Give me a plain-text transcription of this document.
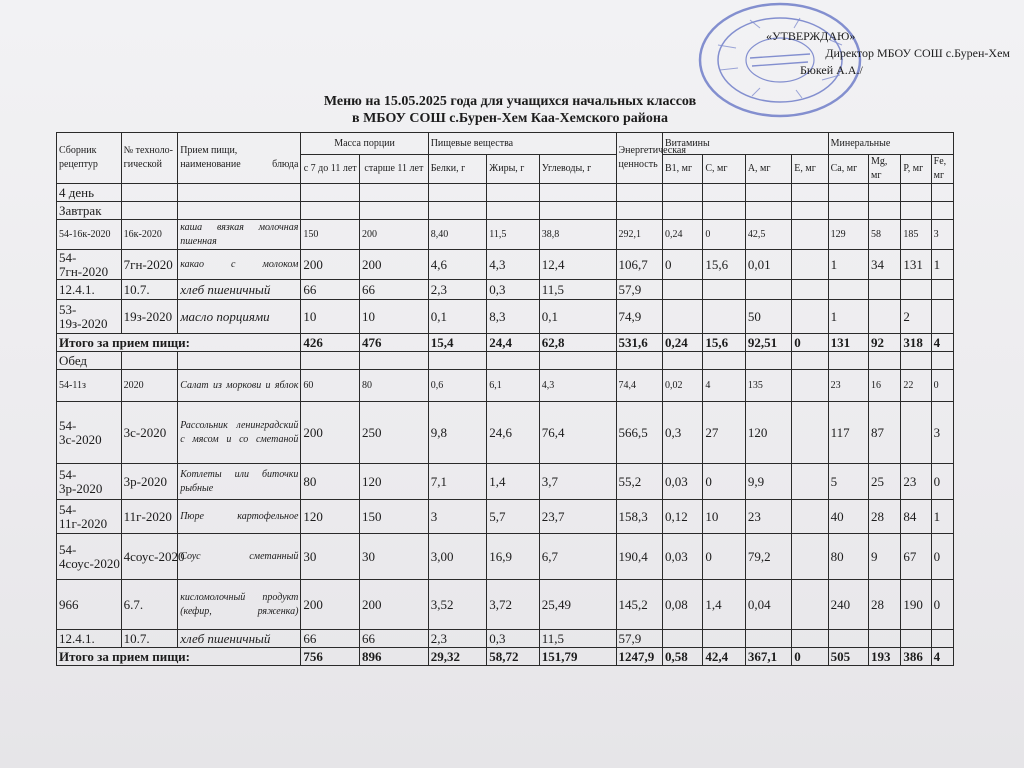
«УТВЕРЖДАЮ»
Директор МБОУ СОШ с.Бурен-Хем
Бюкей А.А./
Меню на 15.05.2025 года для учащихся начальных классов
в МБОУ СОШ с.Бурен-Хем Каа-Хемского района
Сборник рецептур	№ техноло- гической	Прием пищи, наименование блюда	Масса порции		Пищевые вещества			Энергетическая ценность	Витамины				Минеральные			
			с 7 до 11 лет	старше 11 лет	Белки, г	Жиры, г	Углеводы, г		B1, мг	C, мг	A, мг	E, мг	Ca, мг	Mg, мг	P, мг	Fe, мг
4 день																
Завтрак																
54-16к-2020	16к-2020	каша вязкая молочная пшенная	150	200	8,40	11,5	38,8	292,1	0,24	0	42,5		129	58	185	3
54-7гн-2020	7гн-2020	какао с молоком	200	200	4,6	4,3	12,4	106,7	0	15,6	0,01		1	34	131	1
12.4.1.	10.7.	хлеб пшеничный	66	66	2,3	0,3	11,5	57,9								
53-19з-2020	19з-2020	масло порциями	10	10	0,1	8,3	0,1	74,9			50		1		2	
Итого за прием пищи:			426	476	15,4	24,4	62,8	531,6	0,24	15,6	92,51	0	131	92	318	4
Обед																
54-11з	2020	Салат из моркови и яблок	60	80	0,6	6,1	4,3	74,4	0,02	4	135		23	16	22	0
54-3с-2020	3с-2020	Рассольник ленинградский с мясом и со сметаной	200	250	9,8	24,6	76,4	566,5	0,3	27	120		117	87		3
54-3р-2020	3р-2020	Котлеты или биточки рыбные	80	120	7,1	1,4	3,7	55,2	0,03	0	9,9		5	25	23	0
54-11г-2020	11г-2020	Пюре картофельное	120	150	3	5,7	23,7	158,3	0,12	10	23		40	28	84	1
54-4соус-2020	4соус-2020	Соус сметанный	30	30	3,00	16,9	6,7	190,4	0,03	0	79,2		80	9	67	0
966	6.7.	кисломолочный продукт (кефир, ряженка)	200	200	3,52	3,72	25,49	145,2	0,08	1,4	0,04		240	28	190	0
12.4.1.	10.7.	хлеб пшеничный	66	66	2,3	0,3	11,5	57,9								
Итого за прием пищи:			756	896	29,32	58,72	151,79	1247,9	0,58	42,4	367,1	0	505	193	386	4
